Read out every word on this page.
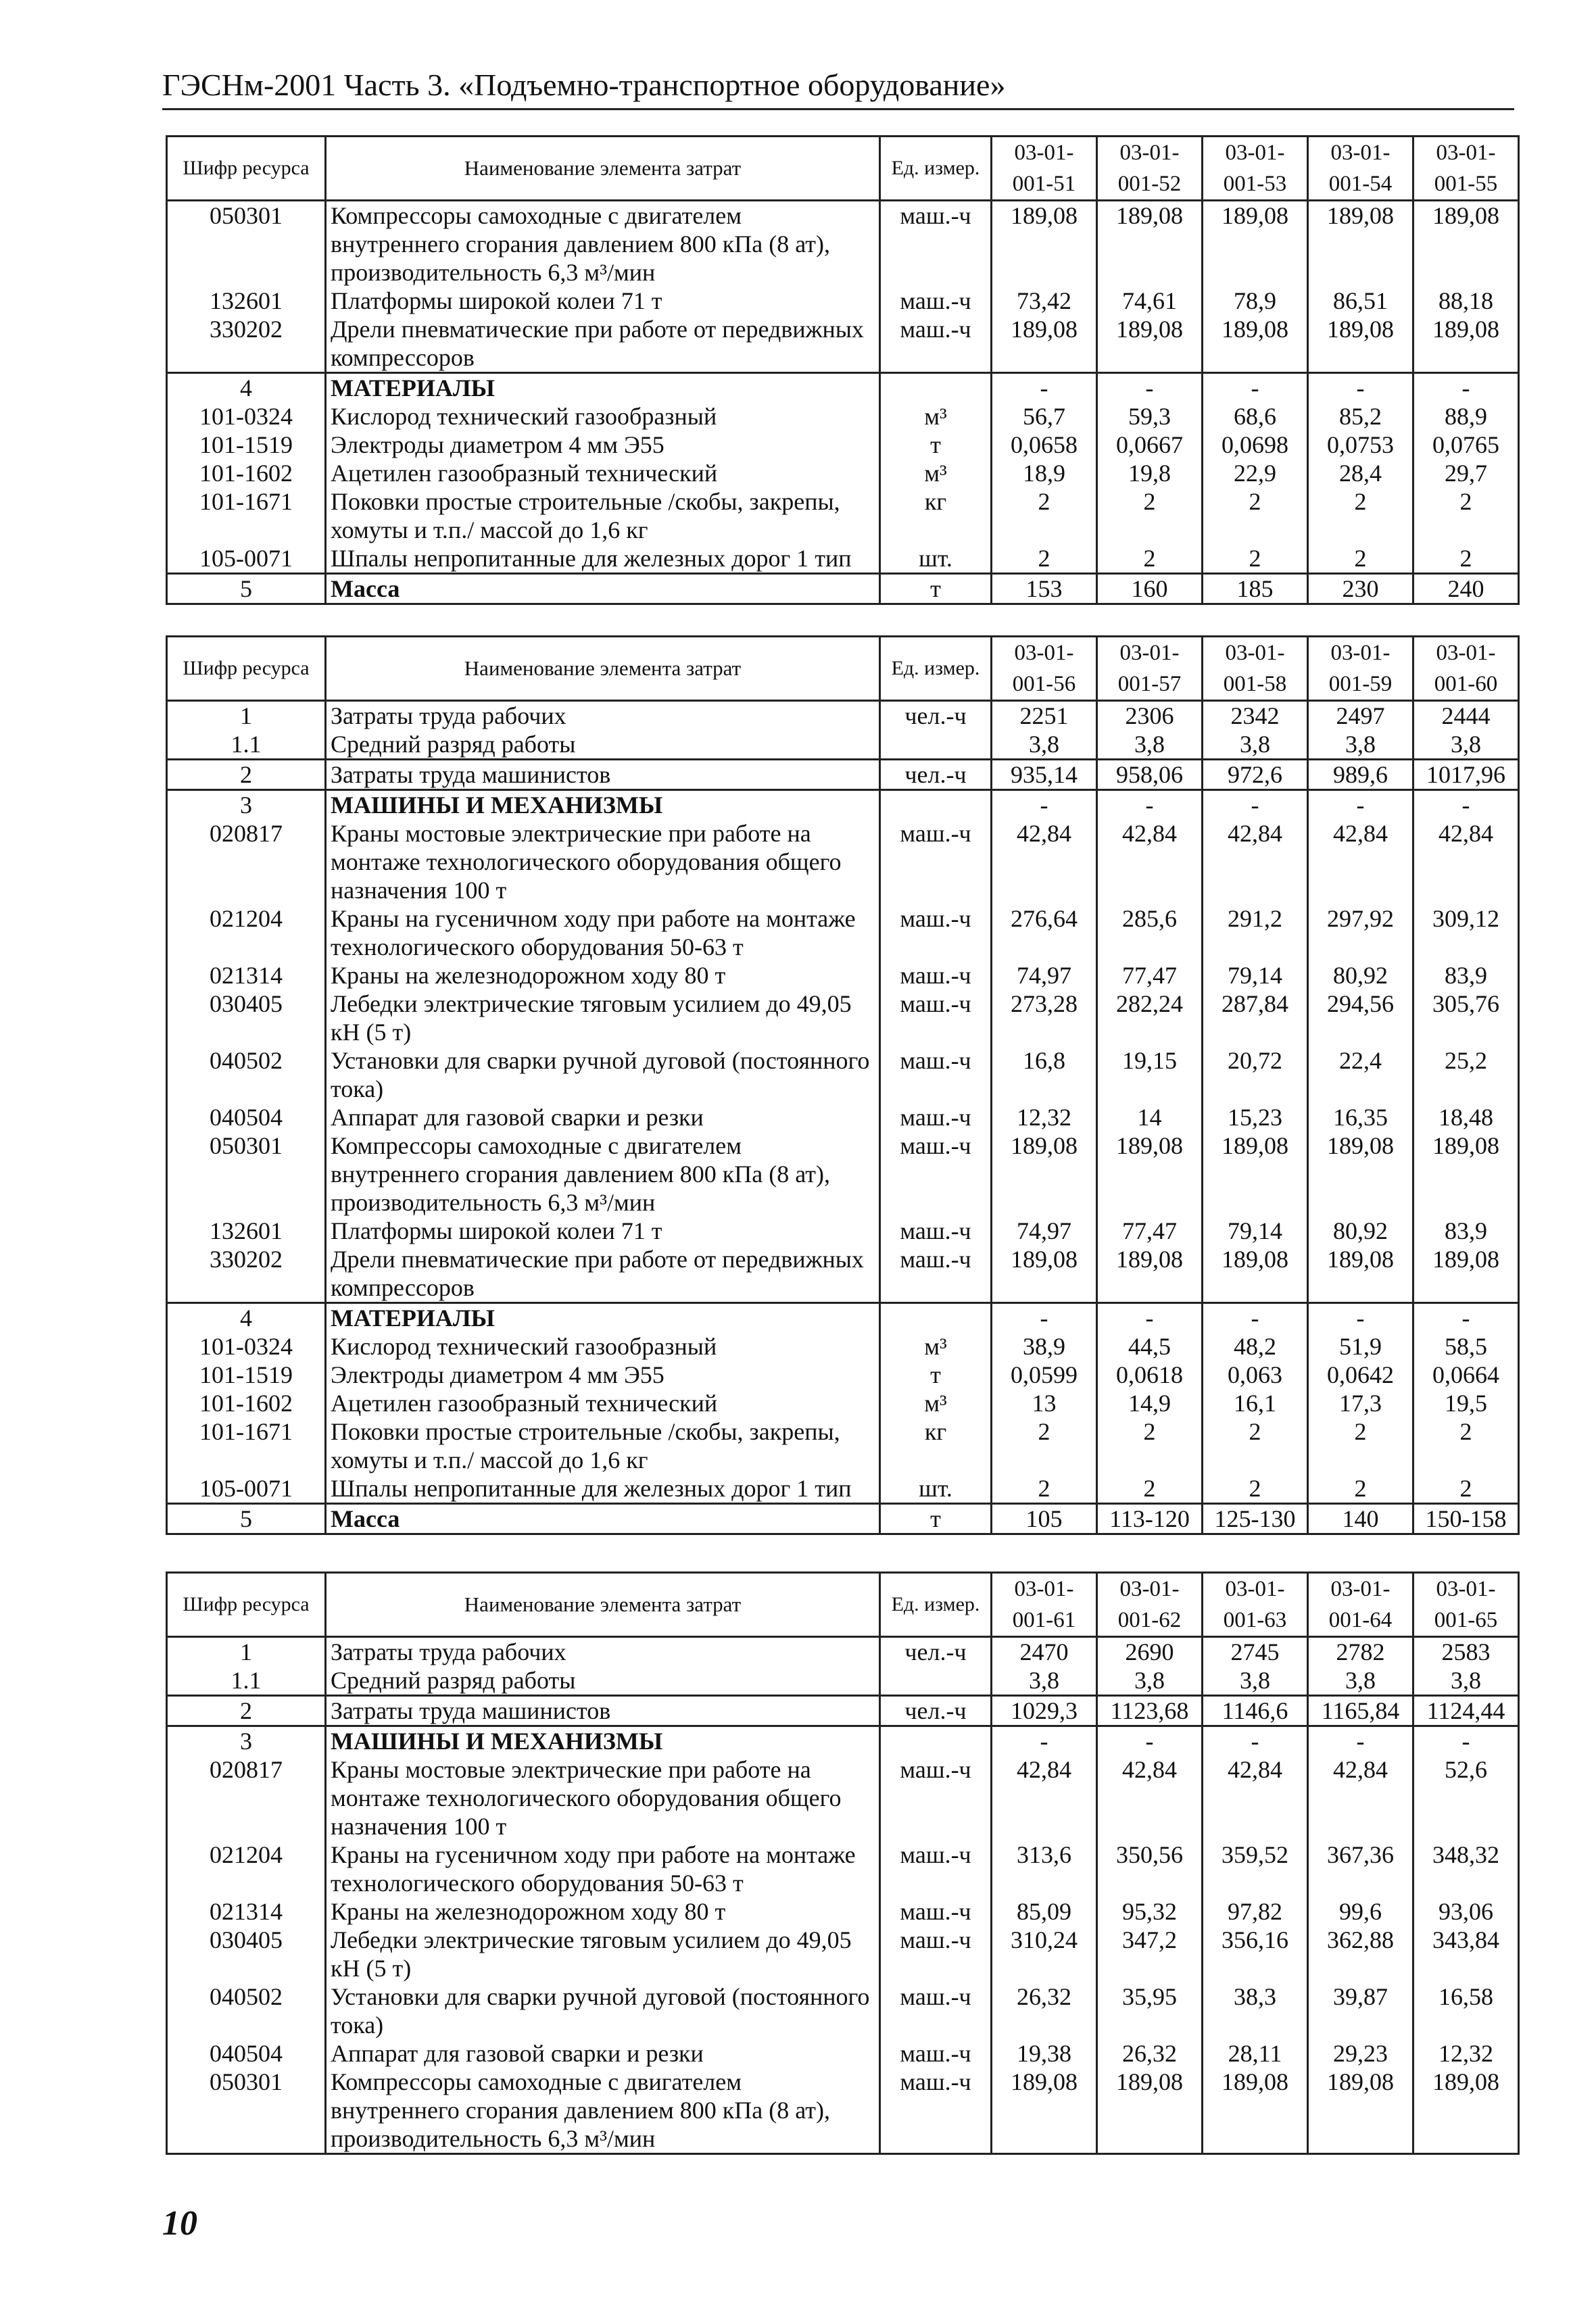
ГЭСНм-2001 Часть 3. «Подъемно-транспортное оборудование»
Шифр ресурса	Наименование элемента затрат	Ед. измер.	03-01- 001-51	03-01- 001-52	03-01- 001-53	03-01- 001-54	03-01- 001-55
050301	Компрессоры самоходные с двигателем внутреннего сгорания давлением 800 кПа (8 ат), производительность 6,3 м³/мин	маш.-ч	189,08	189,08	189,08	189,08	189,08
132601	Платформы широкой колеи 71 т	маш.-ч	73,42	74,61	78,9	86,51	88,18
330202	Дрели пневматические при работе от передвижных компрессоров	маш.-ч	189,08	189,08	189,08	189,08	189,08
4	МАТЕРИАЛЫ		-	-	-	-	-
101-0324	Кислород технический газообразный	м³	56,7	59,3	68,6	85,2	88,9
101-1519	Электроды диаметром 4 мм Э55	т	0,0658	0,0667	0,0698	0,0753	0,0765
101-1602	Ацетилен газообразный технический	м³	18,9	19,8	22,9	28,4	29,7
101-1671	Поковки простые строительные /скобы, закрепы, хомуты и т.п./ массой до 1,6 кг	кг	2	2	2	2	2
105-0071	Шпалы непропитанные для железных дорог 1 тип	шт.	2	2	2	2	2
5	Масса	т	153	160	185	230	240
Шифр ресурса	Наименование элемента затрат	Ед. измер.	03-01- 001-56	03-01- 001-57	03-01- 001-58	03-01- 001-59	03-01- 001-60
1	Затраты труда рабочих	чел.-ч	2251	2306	2342	2497	2444
1.1	Средний разряд работы		3,8	3,8	3,8	3,8	3,8
2	Затраты труда машинистов	чел.-ч	935,14	958,06	972,6	989,6	1017,96
3	МАШИНЫ И МЕХАНИЗМЫ		-	-	-	-	-
020817	Краны мостовые электрические при работе на монтаже технологического оборудования общего назначения 100 т	маш.-ч	42,84	42,84	42,84	42,84	42,84
021204	Краны на гусеничном ходу при работе на монтаже технологического оборудования 50-63 т	маш.-ч	276,64	285,6	291,2	297,92	309,12
021314	Краны на железнодорожном ходу 80 т	маш.-ч	74,97	77,47	79,14	80,92	83,9
030405	Лебедки электрические тяговым усилием до 49,05 кН (5 т)	маш.-ч	273,28	282,24	287,84	294,56	305,76
040502	Установки для сварки ручной дуговой (постоянного тока)	маш.-ч	16,8	19,15	20,72	22,4	25,2
040504	Аппарат для газовой сварки и резки	маш.-ч	12,32	14	15,23	16,35	18,48
050301	Компрессоры самоходные с двигателем внутреннего сгорания давлением 800 кПа (8 ат), производительность 6,3 м³/мин	маш.-ч	189,08	189,08	189,08	189,08	189,08
132601	Платформы широкой колеи 71 т	маш.-ч	74,97	77,47	79,14	80,92	83,9
330202	Дрели пневматические при работе от передвижных компрессоров	маш.-ч	189,08	189,08	189,08	189,08	189,08
4	МАТЕРИАЛЫ		-	-	-	-	-
101-0324	Кислород технический газообразный	м³	38,9	44,5	48,2	51,9	58,5
101-1519	Электроды диаметром 4 мм Э55	т	0,0599	0,0618	0,063	0,0642	0,0664
101-1602	Ацетилен газообразный технический	м³	13	14,9	16,1	17,3	19,5
101-1671	Поковки простые строительные /скобы, закрепы, хомуты и т.п./ массой до 1,6 кг	кг	2	2	2	2	2
105-0071	Шпалы непропитанные для железных дорог 1 тип	шт.	2	2	2	2	2
5	Масса	т	105	113-120	125-130	140	150-158
Шифр ресурса	Наименование элемента затрат	Ед. измер.	03-01- 001-61	03-01- 001-62	03-01- 001-63	03-01- 001-64	03-01- 001-65
1	Затраты труда рабочих	чел.-ч	2470	2690	2745	2782	2583
1.1	Средний разряд работы		3,8	3,8	3,8	3,8	3,8
2	Затраты труда машинистов	чел.-ч	1029,3	1123,68	1146,6	1165,84	1124,44
3	МАШИНЫ И МЕХАНИЗМЫ		-	-	-	-	-
020817	Краны мостовые электрические при работе на монтаже технологического оборудования общего назначения 100 т	маш.-ч	42,84	42,84	42,84	42,84	52,6
021204	Краны на гусеничном ходу при работе на монтаже технологического оборудования 50-63 т	маш.-ч	313,6	350,56	359,52	367,36	348,32
021314	Краны на железнодорожном ходу 80 т	маш.-ч	85,09	95,32	97,82	99,6	93,06
030405	Лебедки электрические тяговым усилием до 49,05 кН (5 т)	маш.-ч	310,24	347,2	356,16	362,88	343,84
040502	Установки для сварки ручной дуговой (постоянного тока)	маш.-ч	26,32	35,95	38,3	39,87	16,58
040504	Аппарат для газовой сварки и резки	маш.-ч	19,38	26,32	28,11	29,23	12,32
050301	Компрессоры самоходные с двигателем внутреннего сгорания давлением 800 кПа (8 ат), производительность 6,3 м³/мин	маш.-ч	189,08	189,08	189,08	189,08	189,08
10
